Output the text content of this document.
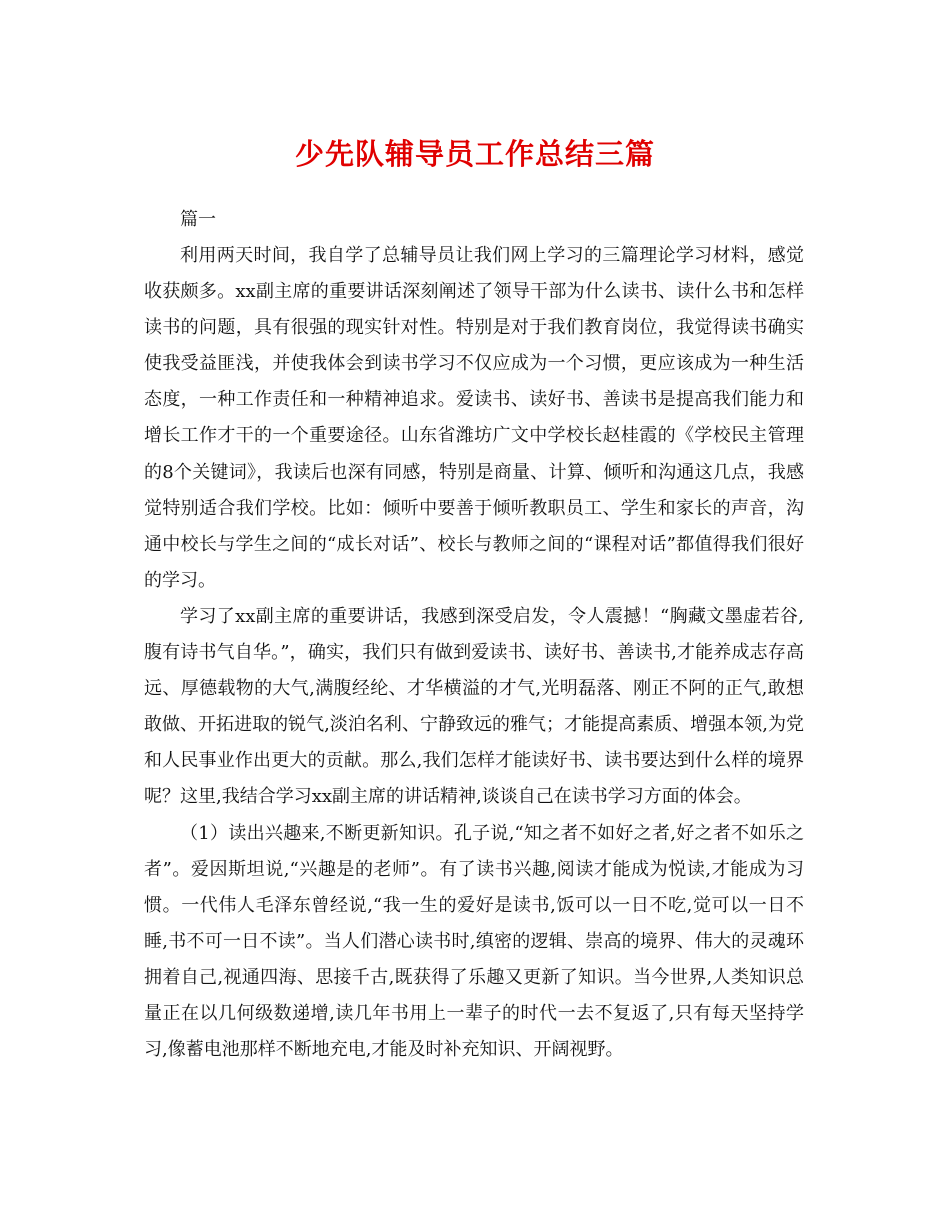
少先队辅导员工作总结三篇

篇一

利用两天时间，我自学了总辅导员让我们网上学习的三篇理论学习材料，感觉收获颇多。xx副主席的重要讲话深刻阐述了领导干部为什么读书、读什么书和怎样读书的问题，具有很强的现实针对性。特别是对于我们教育岗位，我觉得读书确实使我受益匪浅，并使我体会到读书学习不仅应成为一个习惯，更应该成为一种生活态度，一种工作责任和一种精神追求。爱读书、读好书、善读书是提高我们能力和增长工作才干的一个重要途径。山东省潍坊广文中学校长赵桂霞的《学校民主管理的8个关键词》，我读后也深有同感，特别是商量、计算、倾听和沟通这几点，我感觉特别适合我们学校。比如：倾听中要善于倾听教职员工、学生和家长的声音，沟通中校长与学生之间的“成长对话”、校长与教师之间的“课程对话”都值得我们很好的学习。

学习了xx副主席的重要讲话，我感到深受启发，令人震撼！“胸藏文墨虚若谷,腹有诗书气自华。”，确实，我们只有做到爱读书、读好书、善读书,才能养成志存高远、厚德载物的大气,满腹经纶、才华横溢的才气,光明磊落、刚正不阿的正气,敢想敢做、开拓进取的锐气,淡泊名利、宁静致远的雅气；才能提高素质、增强本领,为党和人民事业作出更大的贡献。那么,我们怎样才能读好书、读书要达到什么样的境界呢？这里,我结合学习xx副主席的讲话精神,谈谈自己在读书学习方面的体会。

（1）读出兴趣来,不断更新知识。孔子说,“知之者不如好之者,好之者不如乐之者”。爱因斯坦说,“兴趣是的老师”。有了读书兴趣,阅读才能成为悦读,才能成为习惯。一代伟人毛泽东曾经说,“我一生的爱好是读书,饭可以一日不吃,觉可以一日不睡,书不可一日不读”。当人们潜心读书时,缜密的逻辑、崇高的境界、伟大的灵魂环拥着自己,视通四海、思接千古,既获得了乐趣又更新了知识。当今世界,人类知识总量正在以几何级数递增,读几年书用上一辈子的时代一去不复返了,只有每天坚持学习,像蓄电池那样不断地充电,才能及时补充知识、开阔视野。
